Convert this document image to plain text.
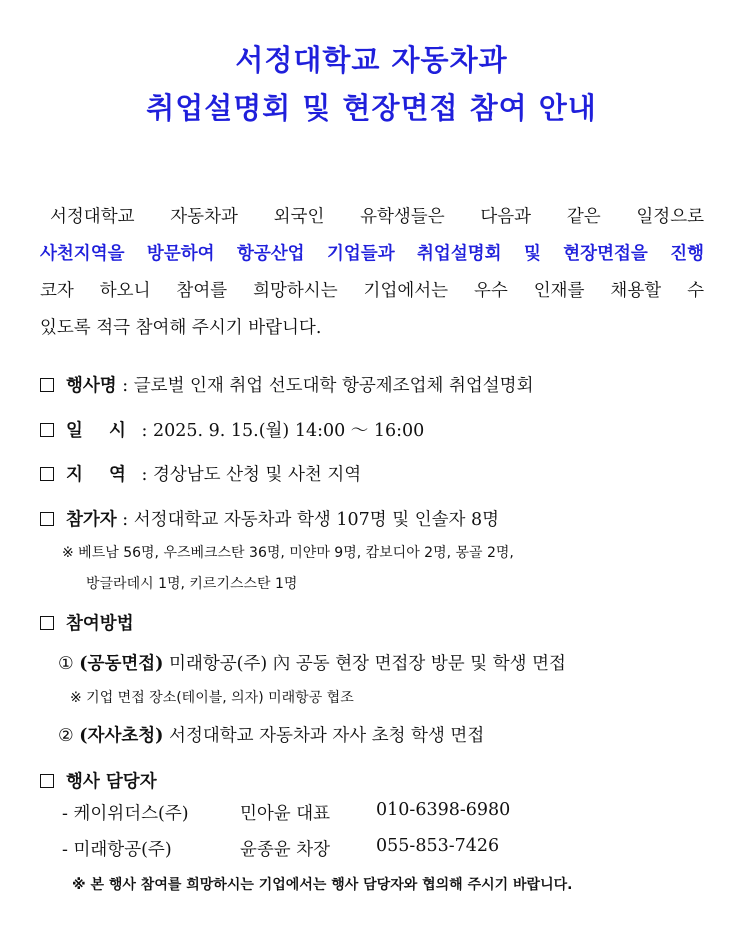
서정대학교 자동차과
취업설명회 및 현장면접 참여 안내
서정대학교 자동차과 외국인 유학생들은 다음과 같은 일정으로
사천지역을 방문하여 항공산업 기업들과 취업설명회 및 현장면접을 진행
코자 하오니 참여를 희망하시는 기업에서는 우수 인재를 채용할 수
있도록 적극 참여해 주시기 바랍니다.
행사명 : 글로벌 인재 취업 선도대학 항공제조업체 취업설명회
일 시 : 2025. 9. 15.(월) 14:00 ～ 16:00
지 역 : 경상남도 산청 및 사천 지역
참가자 : 서정대학교 자동차과 학생 107명 및 인솔자 8명
※ 베트남 56명, 우즈베크스탄 36명, 미얀마 9명, 캄보디아 2명, 몽골 2명,
방글라데시 1명, 키르기스스탄 1명
참여방법
① (공동면접) 미래항공(주) 內 공동 현장 면접장 방문 및 학생 면접
※ 기업 면접 장소(테이블, 의자) 미래항공 협조
② (자사초청) 서정대학교 자동차과 자사 초청 학생 면접
행사 담당자
- 케이위더스(주)	민아윤 대표	010-6398-6980
- 미래항공(주)	윤종윤 차장	055-853-7426
※ 본 행사 참여를 희망하시는 기업에서는 행사 담당자와 협의해 주시기 바랍니다.
